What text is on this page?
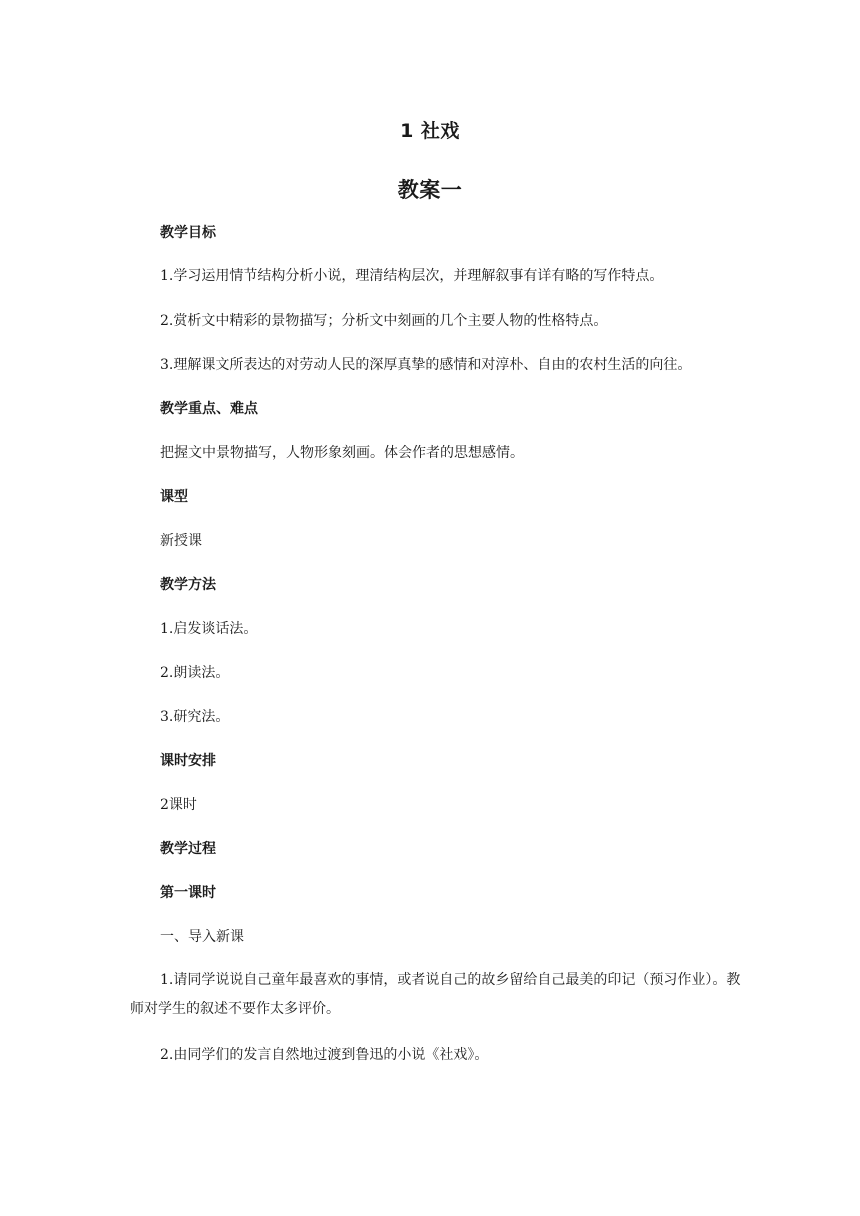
1 社戏
教案一
教学目标
1.学习运用情节结构分析小说，理清结构层次，并理解叙事有详有略的写作特点。
2.赏析文中精彩的景物描写；分析文中刻画的几个主要人物的性格特点。
3.理解课文所表达的对劳动人民的深厚真挚的感情和对淳朴、自由的农村生活的向往。
教学重点、难点
把握文中景物描写，人物形象刻画。体会作者的思想感情。
课型
新授课
教学方法
1.启发谈话法。
2.朗读法。
3.研究法。
课时安排
2课时
教学过程
第一课时
一、导入新课
1.请同学说说自己童年最喜欢的事情，或者说自己的故乡留给自己最美的印记（预习作业）。教师对学生的叙述不要作太多评价。
2.由同学们的发言自然地过渡到鲁迅的小说《社戏》。
